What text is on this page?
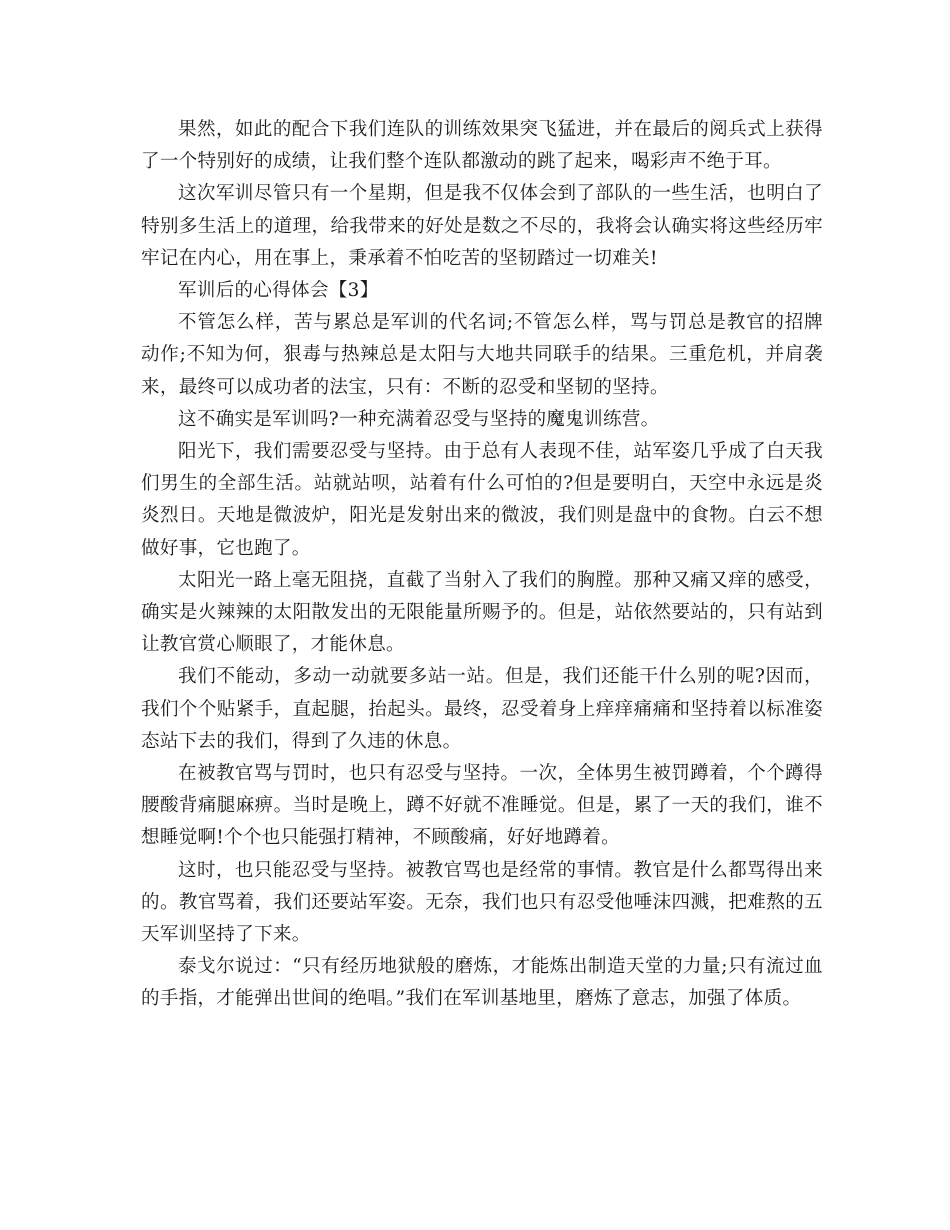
果然，如此的配合下我们连队的训练效果突飞猛进，并在最后的阅兵式上获得了一个特别好的成绩，让我们整个连队都激动的跳了起来，喝彩声不绝于耳。

这次军训尽管只有一个星期，但是我不仅体会到了部队的一些生活，也明白了特别多生活上的道理，给我带来的好处是数之不尽的，我将会认确实将这些经历牢牢记在内心，用在事上，秉承着不怕吃苦的坚韧踏过一切难关!

军训后的心得体会【3】

不管怎么样，苦与累总是军训的代名词;不管怎么样，骂与罚总是教官的招牌动作;不知为何，狠毒与热辣总是太阳与大地共同联手的结果。三重危机，并肩袭来，最终可以成功者的法宝，只有：不断的忍受和坚韧的坚持。

这不确实是军训吗?一种充满着忍受与坚持的魔鬼训练营。

阳光下，我们需要忍受与坚持。由于总有人表现不佳，站军姿几乎成了白天我们男生的全部生活。站就站呗，站着有什么可怕的?但是要明白，天空中永远是炎炎烈日。天地是微波炉，阳光是发射出来的微波，我们则是盘中的食物。白云不想做好事，它也跑了。

太阳光一路上毫无阻挠，直截了当射入了我们的胸膛。那种又痛又痒的感受，确实是火辣辣的太阳散发出的无限能量所赐予的。但是，站依然要站的，只有站到让教官赏心顺眼了，才能休息。

我们不能动，多动一动就要多站一站。但是，我们还能干什么别的呢?因而，我们个个贴紧手，直起腿，抬起头。最终，忍受着身上痒痒痛痛和坚持着以标准姿态站下去的我们，得到了久违的休息。

在被教官骂与罚时，也只有忍受与坚持。一次，全体男生被罚蹲着，个个蹲得腰酸背痛腿麻痹。当时是晚上，蹲不好就不准睡觉。但是，累了一天的我们，谁不想睡觉啊!个个也只能强打精神，不顾酸痛，好好地蹲着。

这时，也只能忍受与坚持。被教官骂也是经常的事情。教官是什么都骂得出来的。教官骂着，我们还要站军姿。无奈，我们也只有忍受他唾沫四溅，把难熬的五天军训坚持了下来。

泰戈尔说过：“只有经历地狱般的磨炼，才能炼出制造天堂的力量;只有流过血的手指，才能弹出世间的绝唱。”我们在军训基地里，磨炼了意志，加强了体质。
